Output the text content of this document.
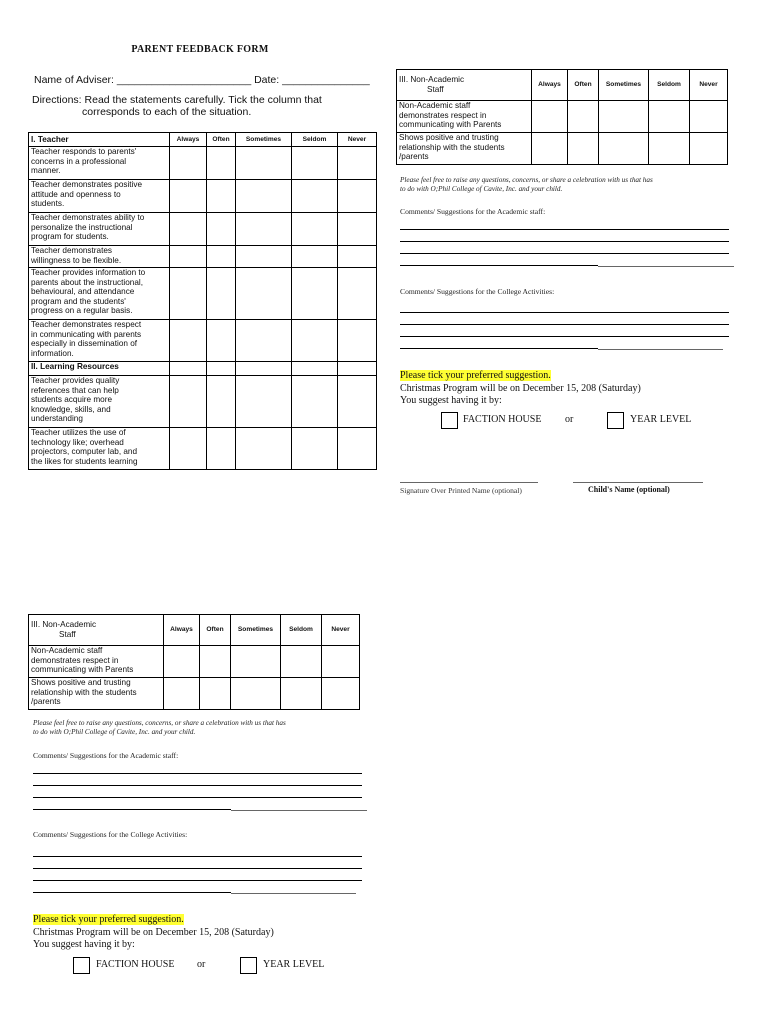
PARENT FEEDBACK FORM
Name of Adviser: _______________________ Date: _______________
Directions: Read the statements carefully. Tick the column that
corresponds to each of the situation.
I. Teacher	Always	Often	Sometimes	Seldom	Never

Teacher responds to parents'
concerns in a professional
manner.					

Teacher demonstrates positive
attitude and openness to
students.					

Teacher demonstrates ability to
personalize the instructional
program for students.					

Teacher demonstrates
willingness to be flexible.					

Teacher provides information to
parents about the instructional,
behavioural, and attendance
program and the students'
progress on a regular basis.					

Teacher demonstrates respect
in communicating with parents
especially in dissemination of
information.					

II. Learning Resources					

Teacher provides quality
references that can help
students acquire more
knowledge, skills, and
understanding					

Teacher utilizes the use of
technology like; overhead
projectors, computer lab, and
the likes for students learning					

III. Non-Academic
Staff	Always	Often	Sometimes	Seldom	Never

Non-Academic staff
demonstrates respect in
communicating with Parents					

Shows positive and trusting
relationship with the students
/parents					

Please feel free to raise any questions, concerns, or share a celebration with us that has
to do with O;Phil College of Cavite, Inc. and your child.
Comments/ Suggestions for the Academic staff:
Comments/ Suggestions for the College Activities:
Please tick your preferred suggestion.
Christmas Program will be on December 15, 208 (Saturday)
You suggest having it by:
FACTION HOUSE or	YEAR LEVEL
Signature Over Printed Name (optional)	Child's Name (optional)
III. Non-Academic
Staff	Always	Often	Sometimes	Seldom	Never

Non-Academic staff
demonstrates respect in
communicating with Parents					

Shows positive and trusting
relationship with the students
/parents					

Please feel free to raise any questions, concerns, or share a celebration with us that has
to do with O;Phil College of Cavite, Inc. and your child.
Comments/ Suggestions for the Academic staff:
Comments/ Suggestions for the College Activities:
Please tick your preferred suggestion.
Christmas Program will be on December 15, 208 (Saturday)
You suggest having it by:
FACTION HOUSE or	YEAR LEVEL
